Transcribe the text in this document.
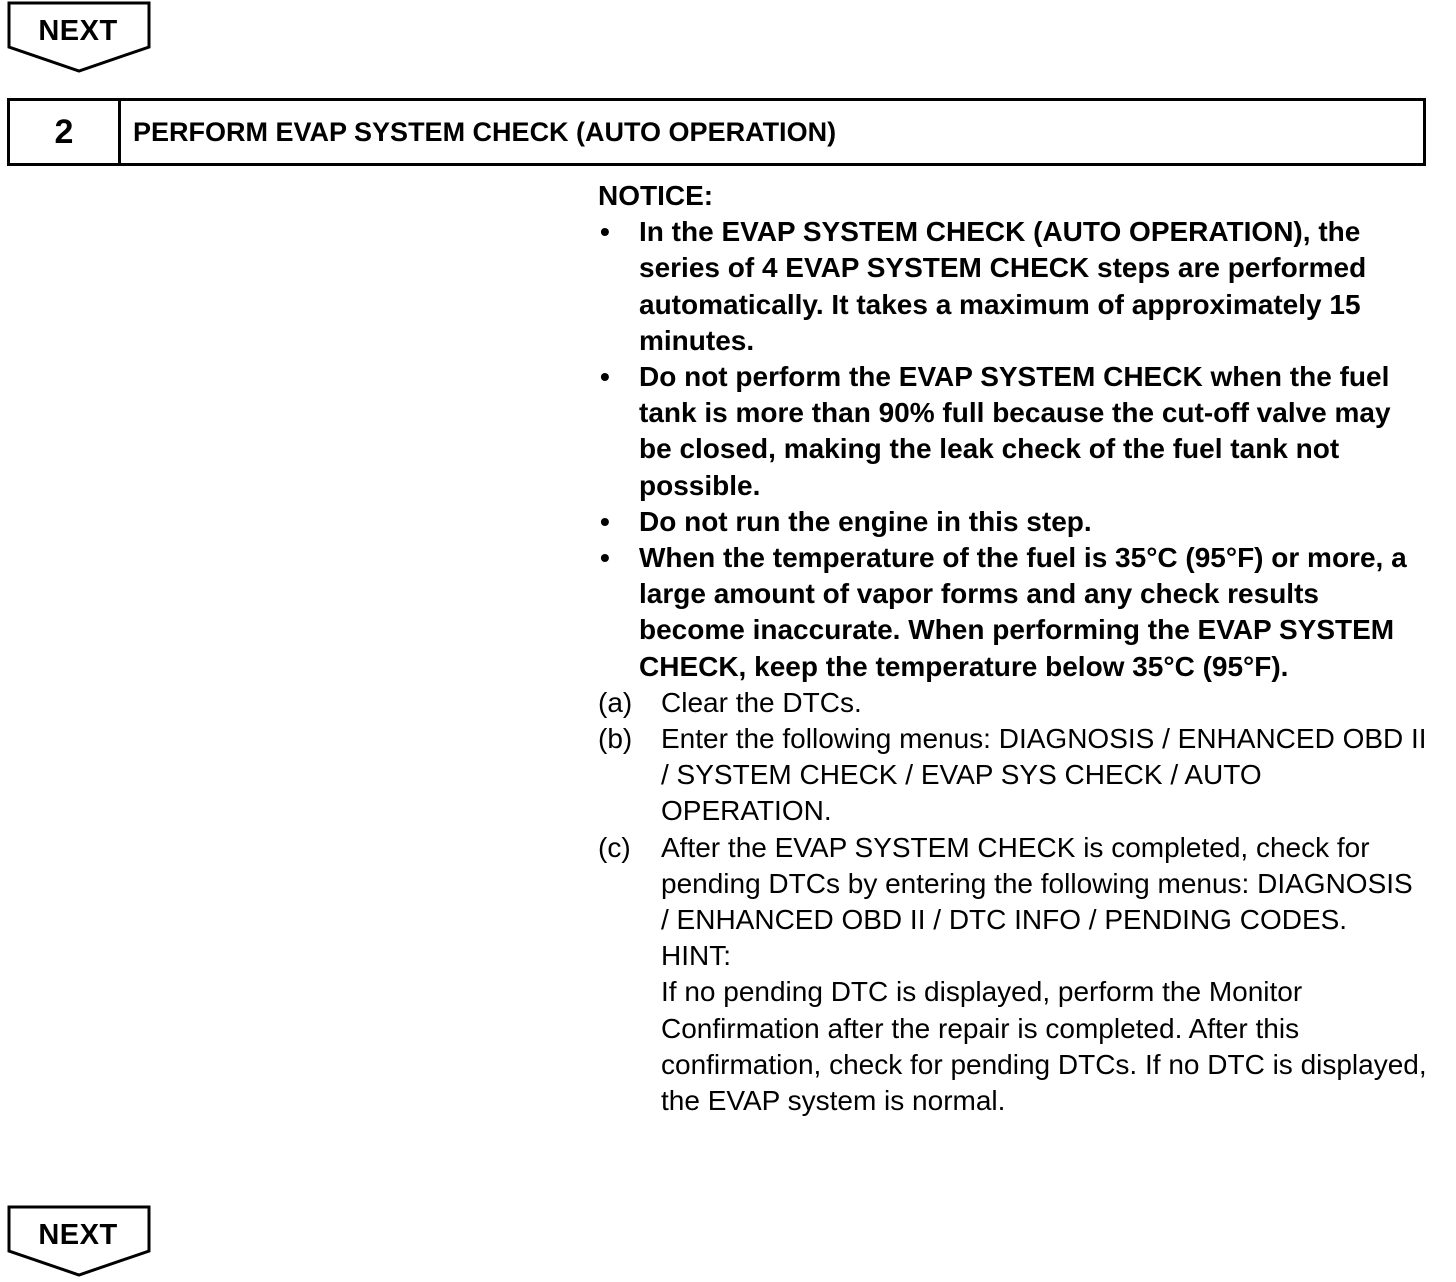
NEXT
2	PERFORM EVAP SYSTEM CHECK (AUTO OPERATION)
NOTICE:
•	In the EVAP SYSTEM CHECK (AUTO OPERATION), the series of 4 EVAP SYSTEM CHECK steps are performed automatically. It takes a maximum of approximately 15 minutes.
•	Do not perform the EVAP SYSTEM CHECK when the fuel tank is more than 90% full because the cut-off valve may be closed, making the leak check of the fuel tank not possible.
•	Do not run the engine in this step.
•	When the temperature of the fuel is 35°C (95°F) or more, a large amount of vapor forms and any check results become inaccurate. When performing the EVAP SYSTEM CHECK, keep the temperature below 35°C (95°F).
(a)	Clear the DTCs.
(b)	Enter the following menus: DIAGNOSIS / ENHANCED OBD II / SYSTEM CHECK / EVAP SYS CHECK / AUTO OPERATION.
(c)	After the EVAP SYSTEM CHECK is completed, check for pending DTCs by entering the following menus: DIAGNOSIS / ENHANCED OBD II / DTC INFO / PENDING CODES.
HINT:
If no pending DTC is displayed, perform the Monitor Confirmation after the repair is completed. After this confirmation, check for pending DTCs. If no DTC is displayed, the EVAP system is normal.
NEXT
